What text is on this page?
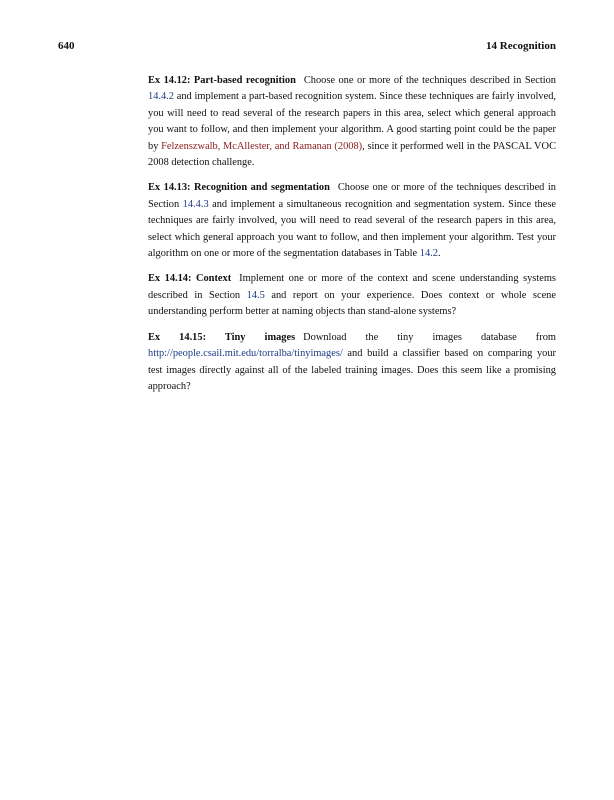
640	14 Recognition

Ex 14.12: Part-based recognition Choose one or more of the techniques described in Section 14.4.2 and implement a part-based recognition system. Since these techniques are fairly involved, you will need to read several of the research papers in this area, select which general approach you want to follow, and then implement your algorithm. A good starting point could be the paper by Felzenszwalb, McAllester, and Ramanan (2008), since it performed well in the PASCAL VOC 2008 detection challenge.

Ex 14.13: Recognition and segmentation Choose one or more of the techniques described in Section 14.4.3 and implement a simultaneous recognition and segmentation system. Since these techniques are fairly involved, you will need to read several of the research papers in this area, select which general approach you want to follow, and then implement your algorithm. Test your algorithm on one or more of the segmentation databases in Table 14.2.

Ex 14.14: Context Implement one or more of the context and scene understanding systems described in Section 14.5 and report on your experience. Does context or whole scene understanding perform better at naming objects than stand-alone systems?

Ex 14.15: Tiny images Download the tiny images database from http://people.csail.mit.edu/torralba/tinyimages/ and build a classifier based on comparing your test images directly against all of the labeled training images. Does this seem like a promising approach?
